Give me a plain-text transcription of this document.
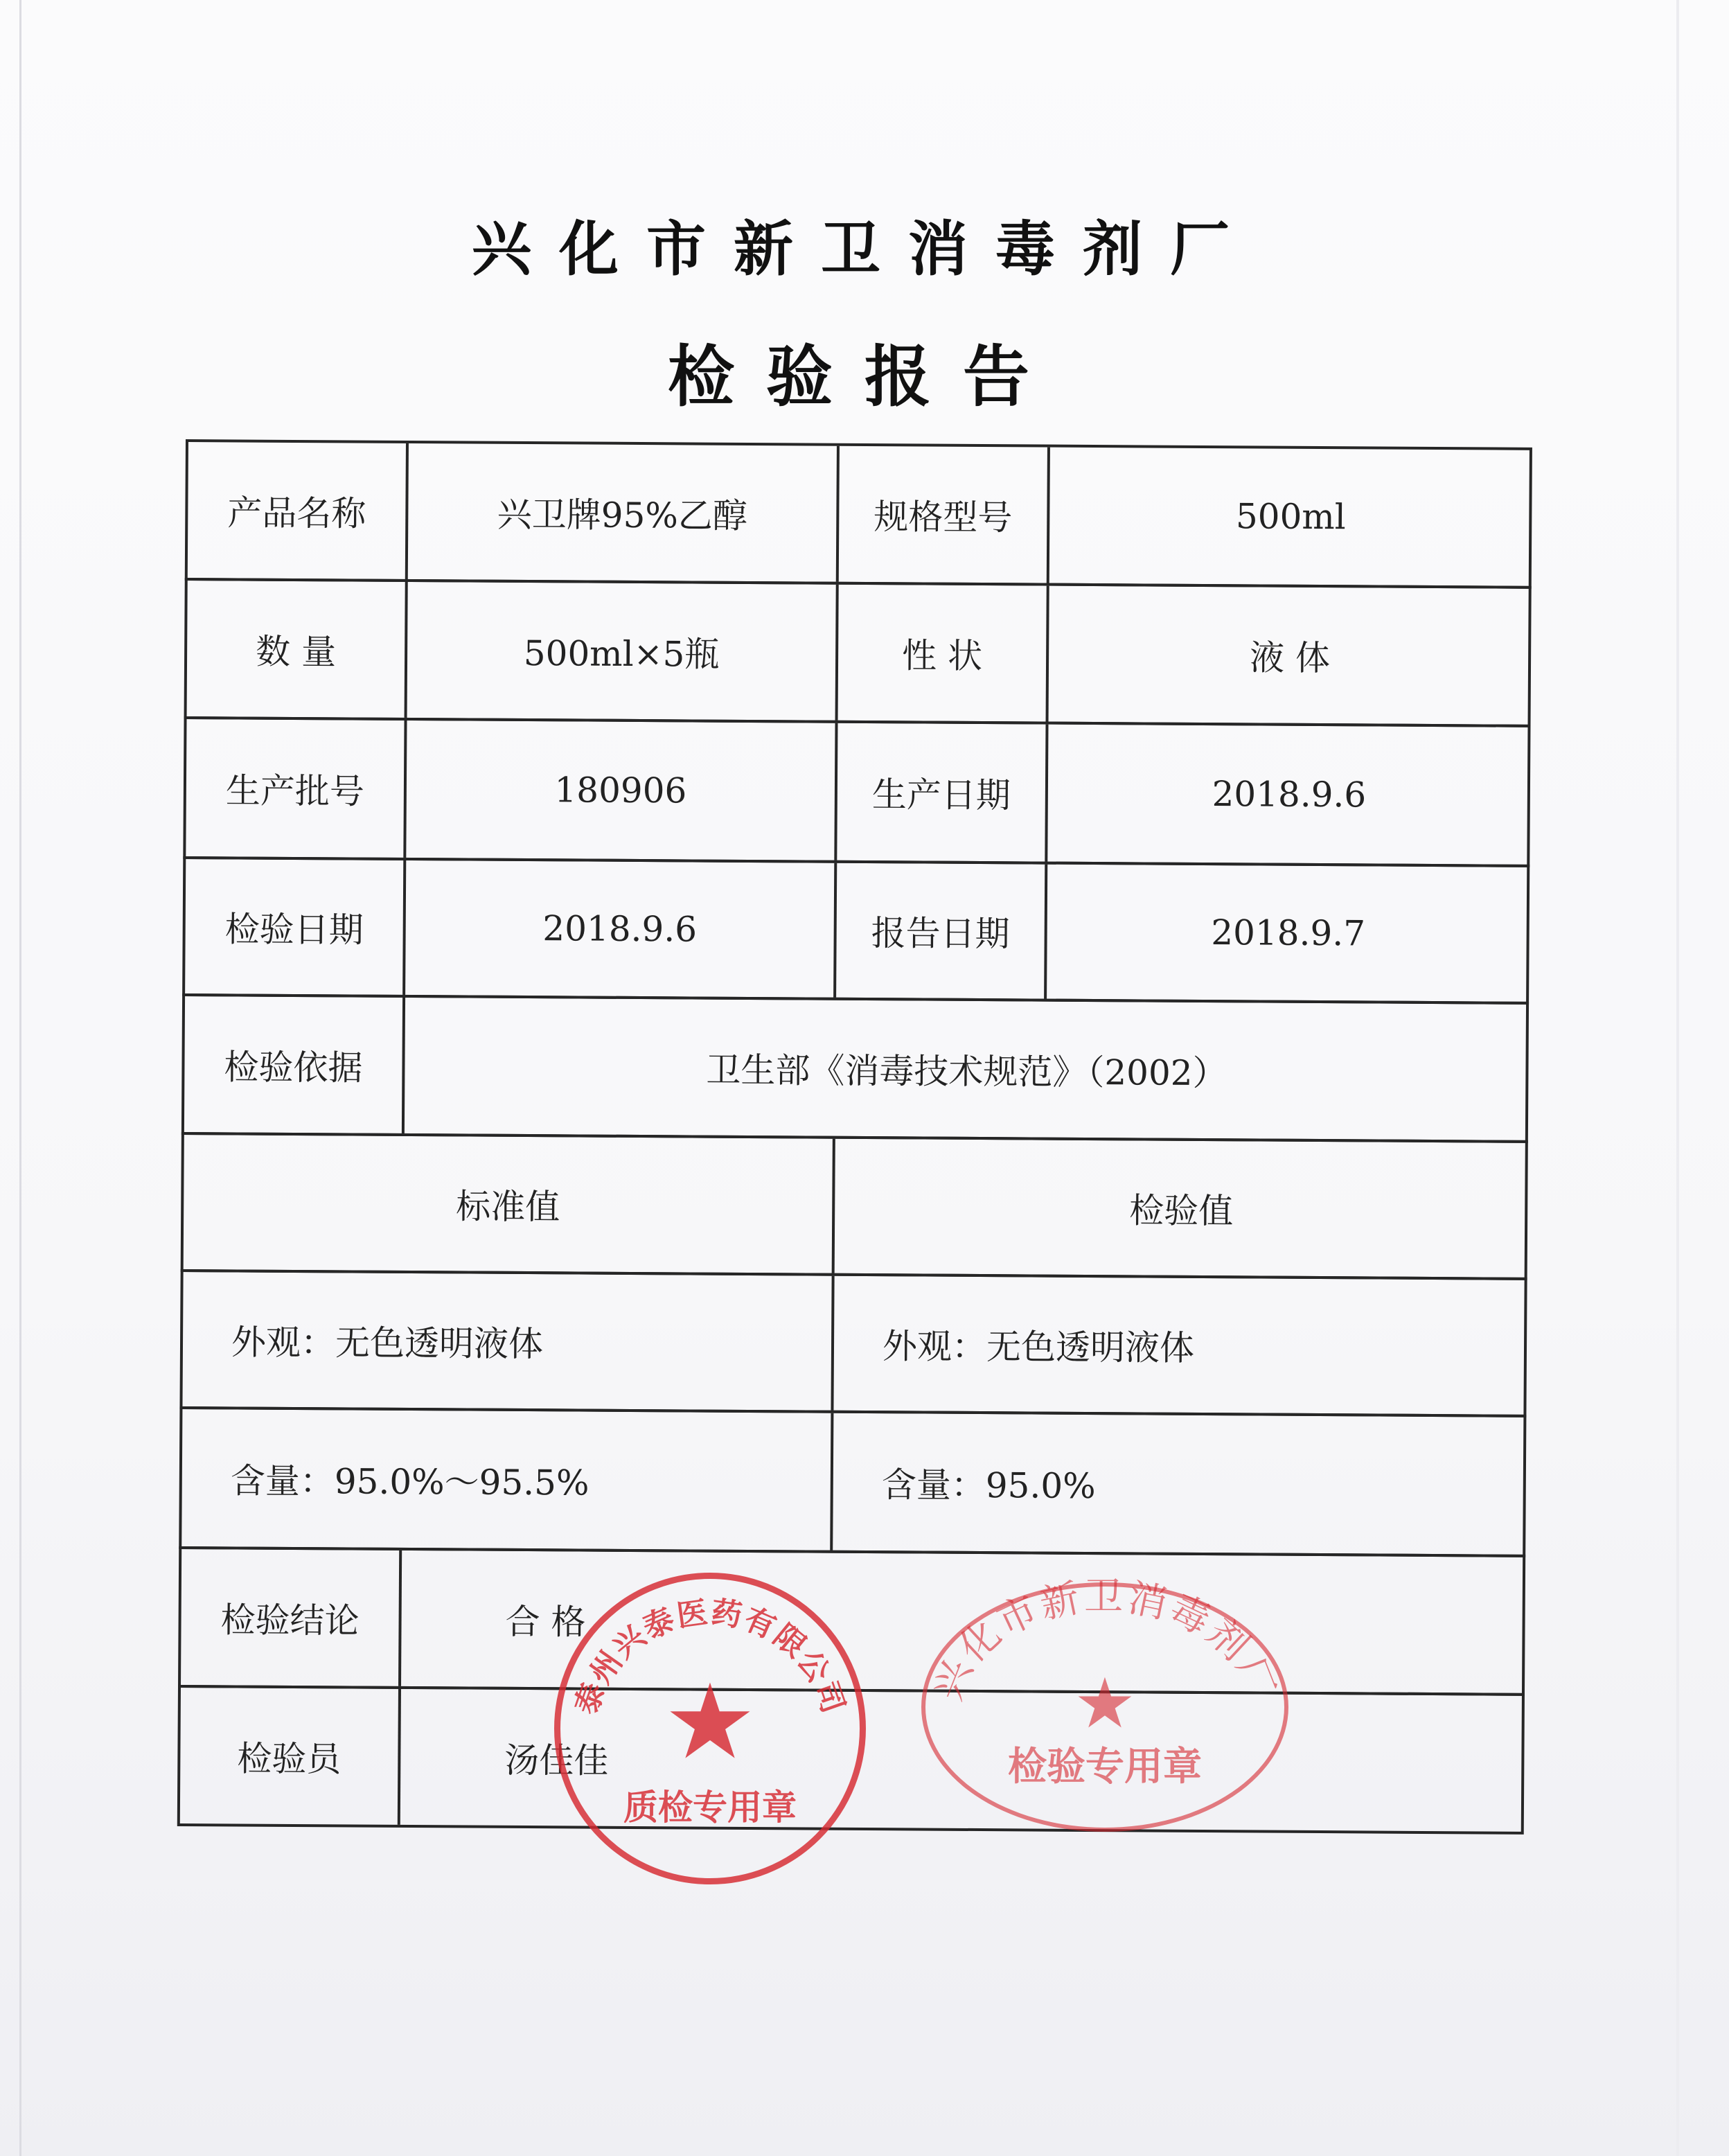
兴化市新卫消毒剂厂
检验报告
产品名称	兴卫牌95%乙醇	规格型号	500ml
数 量	500ml×5瓶	性 状	液 体
生产批号	180906	生产日期	2018.9.6
检验日期	2018.9.6	报告日期	2018.9.7
检验依据	卫生部《消毒技术规范》（2002）
标准值	检验值
外观：无色透明液体	外观：无色透明液体
含量：95.0%～95.5%	含量：95.0%
检验结论	合 格
检验员	汤佳佳
泰州兴泰医药有限公司
★
质检专用章
兴化市新卫消毒剂厂
★
检验专用章
